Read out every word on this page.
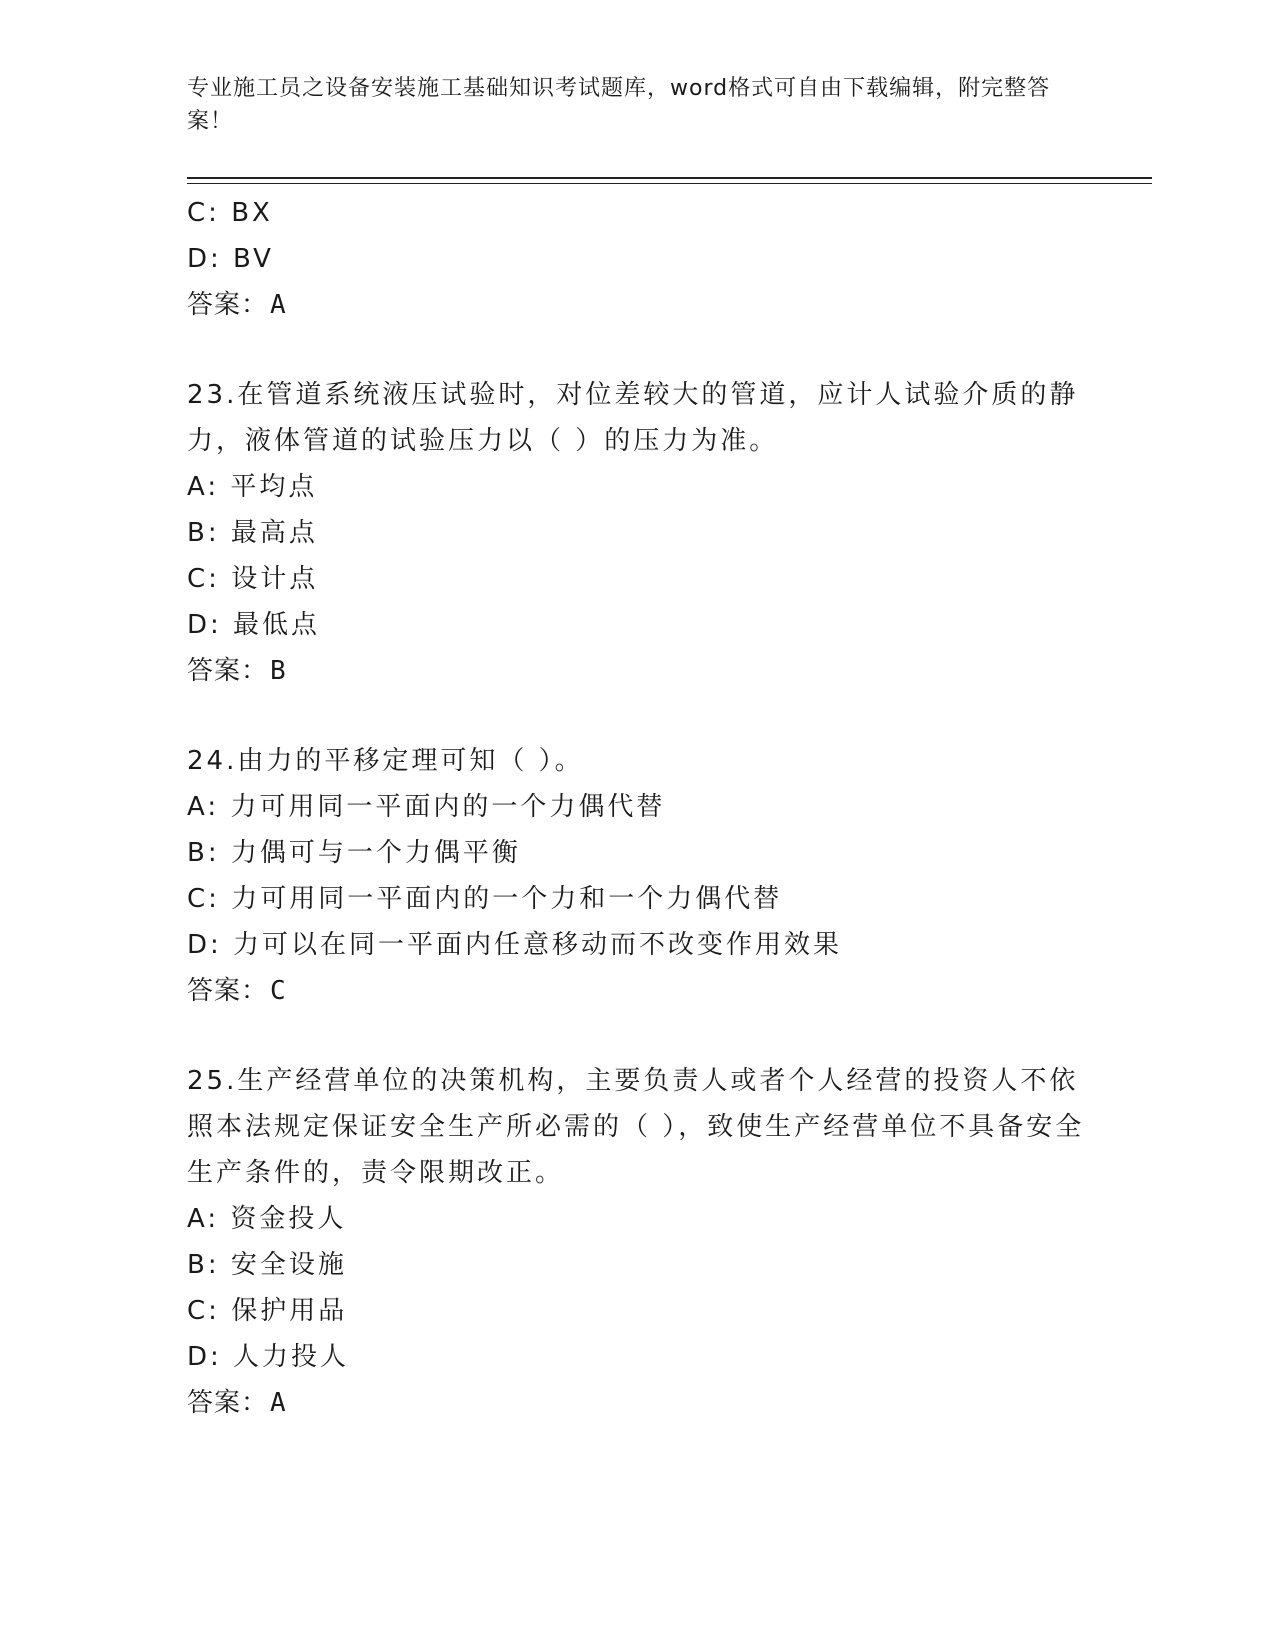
专业施工员之设备安装施工基础知识考试题库，word格式可自由下载编辑，附完整答案！
C: BX
D: BV
答案：A
23.在管道系统液压试验时，对位差较大的管道，应计人试验介质的静力，液体管道的试验压力以（ ）的压力为准。
A: 平均点
B: 最高点
C: 设计点
D: 最低点
答案：B
24.由力的平移定理可知（ ）。
A: 力可用同一平面内的一个力偶代替
B: 力偶可与一个力偶平衡
C: 力可用同一平面内的一个力和一个力偶代替
D: 力可以在同一平面内任意移动而不改变作用效果
答案：C
25.生产经营单位的决策机构，主要负责人或者个人经营的投资人不依照本法规定保证安全生产所必需的（ ），致使生产经营单位不具备安全生产条件的，责令限期改正。
A: 资金投人
B: 安全设施
C: 保护用品
D: 人力投人
答案：A
